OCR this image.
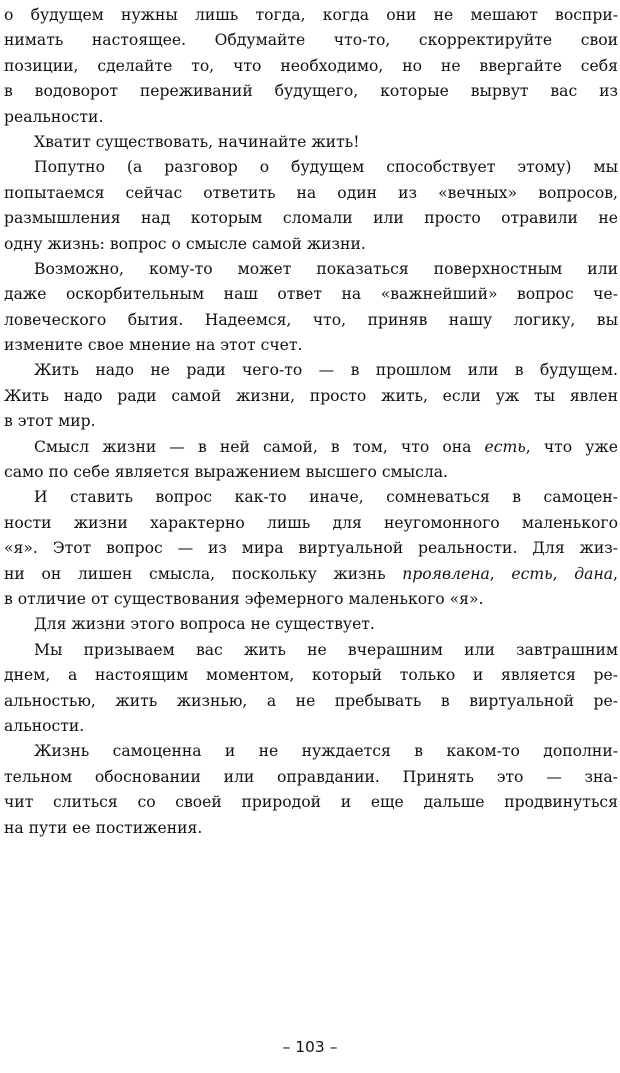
о будущем нужны лишь тогда, когда они не мешают воспри-
нимать настоящее. Обдумайте что-то, скорректируйте свои
позиции, сделайте то, что необходимо, но не ввергайте себя
в водоворот переживаний будущего, которые вырвут вас из
реальности.
Хватит существовать, начинайте жить!
Попутно (а разговор о будущем способствует этому) мы
попытаемся сейчас ответить на один из «вечных» вопросов,
размышления над которым сломали или просто отравили не
одну жизнь: вопрос о смысле самой жизни.
Возможно, кому-то может показаться поверхностным или
даже оскорбительным наш ответ на «важнейший» вопрос че-
ловеческого бытия. Надеемся, что, приняв нашу логику, вы
измените свое мнение на этот счет.
Жить надо не ради чего-то — в прошлом или в будущем.
Жить надо ради самой жизни, просто жить, если уж ты явлен
в этот мир.
Смысл жизни — в ней самой, в том, что она есть, что уже
само по себе является выражением высшего смысла.
И ставить вопрос как-то иначе, сомневаться в самоцен-
ности жизни характерно лишь для неугомонного маленького
«я». Этот вопрос — из мира виртуальной реальности. Для жиз-
ни он лишен смысла, поскольку жизнь проявлена, есть, дана,
в отличие от существования эфемерного маленького «я».
Для жизни этого вопроса не существует.
Мы призываем вас жить не вчерашним или завтрашним
днем, а настоящим моментом, который только и является ре-
альностью, жить жизнью, а не пребывать в виртуальной ре-
альности.
Жизнь самоценна и не нуждается в каком-то дополни-
тельном обосновании или оправдании. Принять это — зна-
чит слиться со своей природой и еще дальше продвинуться
на пути ее постижения.
– 103 –
